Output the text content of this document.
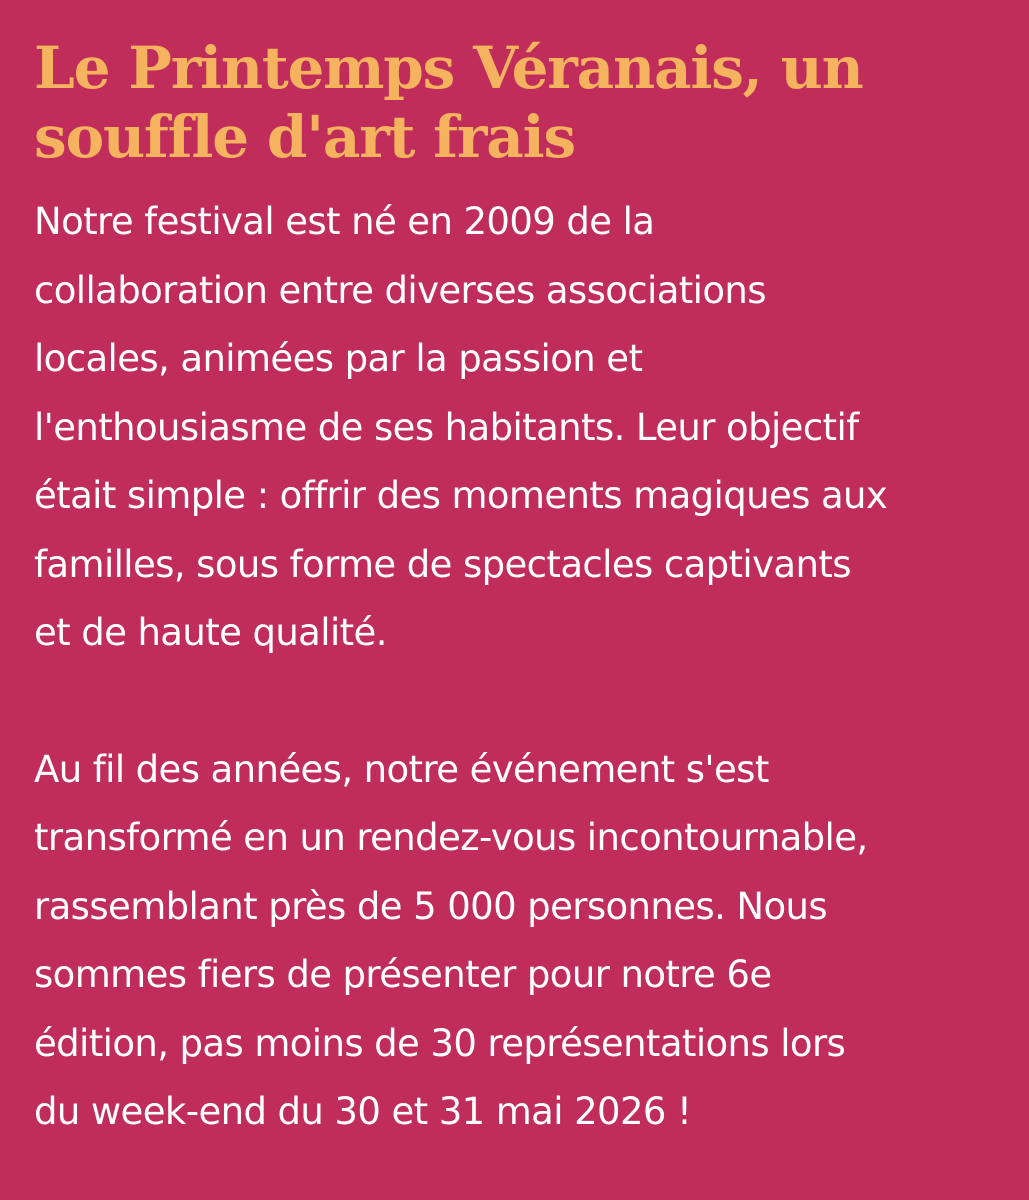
Le Printemps Véranais, un
souffle d'art frais

Notre festival est né en 2009 de la
collaboration entre diverses associations
locales, animées par la passion et
l'enthousiasme de ses habitants. Leur objectif
était simple : offrir des moments magiques aux
familles, sous forme de spectacles captivants
et de haute qualité.

Au fil des années, notre événement s'est
transformé en un rendez-vous incontournable,
rassemblant près de 5 000 personnes. Nous
sommes fiers de présenter pour notre 6e
édition, pas moins de 30 représentations lors
du week-end du 30 et 31 mai 2026 !
